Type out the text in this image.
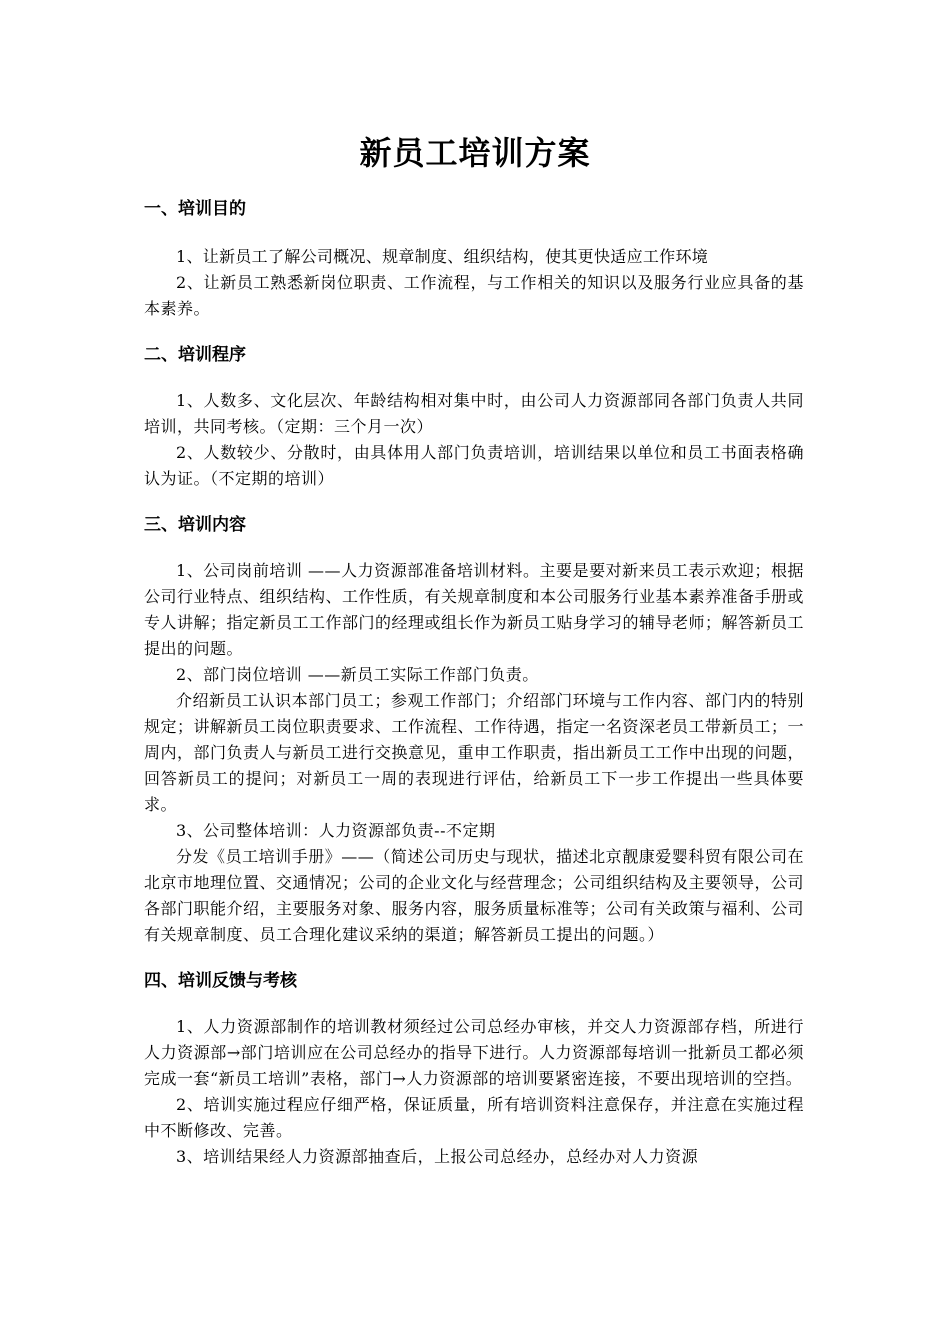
新员工培训方案
一、培训目的

1、让新员工了解公司概况、规章制度、组织结构，使其更快适应工作环境

2、让新员工熟悉新岗位职责、工作流程，与工作相关的知识以及服务行业应具备的基本素养。

二、培训程序

1、人数多、文化层次、年龄结构相对集中时，由公司人力资源部同各部门负责人共同培训，共同考核。（定期：三个月一次）

2、人数较少、分散时，由具体用人部门负责培训，培训结果以单位和员工书面表格确认为证。（不定期的培训）

三、培训内容

1、公司岗前培训 ——人力资源部准备培训材料。主要是要对新来员工表示欢迎；根据公司行业特点、组织结构、工作性质，有关规章制度和本公司服务行业基本素养准备手册或专人讲解；指定新员工工作部门的经理或组长作为新员工贴身学习的辅导老师；解答新员工提出的问题。

2、部门岗位培训 ——新员工实际工作部门负责。

介绍新员工认识本部门员工；参观工作部门；介绍部门环境与工作内容、部门内的特别规定；讲解新员工岗位职责要求、工作流程、工作待遇，指定一名资深老员工带新员工；一周内，部门负责人与新员工进行交换意见，重申工作职责，指出新员工工作中出现的问题，回答新员工的提问；对新员工一周的表现进行评估，给新员工下一步工作提出一些具体要求。

3、公司整体培训：人力资源部负责--不定期

分发《员工培训手册》——（简述公司历史与现状，描述北京靓康爱婴科贸有限公司在北京市地理位置、交通情况；公司的企业文化与经营理念；公司组织结构及主要领导，公司各部门职能介绍，主要服务对象、服务内容，服务质量标准等；公司有关政策与福利、公司有关规章制度、员工合理化建议采纳的渠道；解答新员工提出的问题。）

四、培训反馈与考核

1、人力资源部制作的培训教材须经过公司总经办审核，并交人力资源部存档，所进行人力资源部→部门培训应在公司总经办的指导下进行。人力资源部每培训一批新员工都必须完成一套“新员工培训”表格，部门→人力资源部的培训要紧密连接，不要出现培训的空挡。

2、培训实施过程应仔细严格，保证质量，所有培训资料注意保存，并注意在实施过程中不断修改、完善。

3、培训结果经人力资源部抽查后，上报公司总经办，总经办对人力资源
